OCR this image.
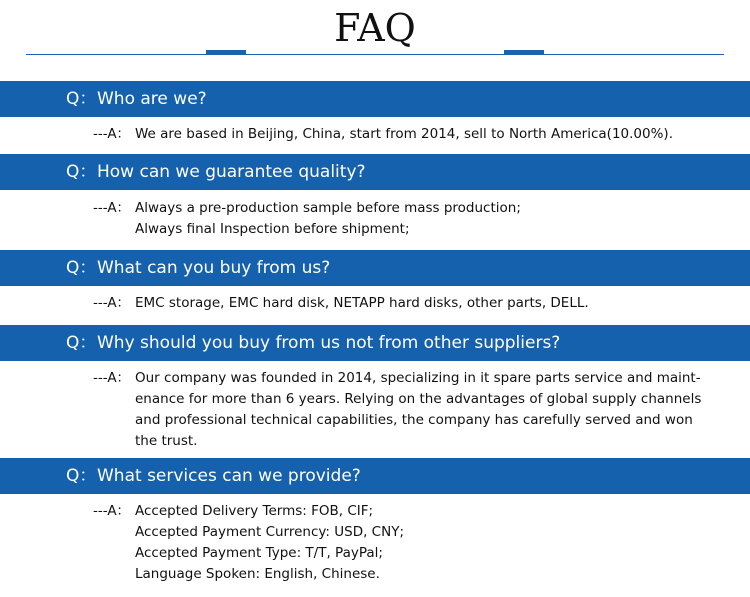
FAQ
Q：Who are we?
---A： We are based in Beijing, China, start from 2014, sell to North America(10.00%).
Q：How can we guarantee quality?
---A： Always a pre-production sample before mass production;
Always final Inspection before shipment;
Q：What can you buy from us?
---A： EMC storage, EMC hard disk, NETAPP hard disks, other parts, DELL.
Q：Why should you buy from us not from other suppliers?
---A： Our company was founded in 2014, specializing in it spare parts service and maint-
enance for more than 6 years. Relying on the advantages of global supply channels
and professional technical capabilities, the company has carefully served and won
the trust.
Q：What services can we provide?
---A： Accepted Delivery Terms: FOB, CIF;
Accepted Payment Currency: USD, CNY;
Accepted Payment Type: T/T, PayPal;
Language Spoken: English, Chinese.
